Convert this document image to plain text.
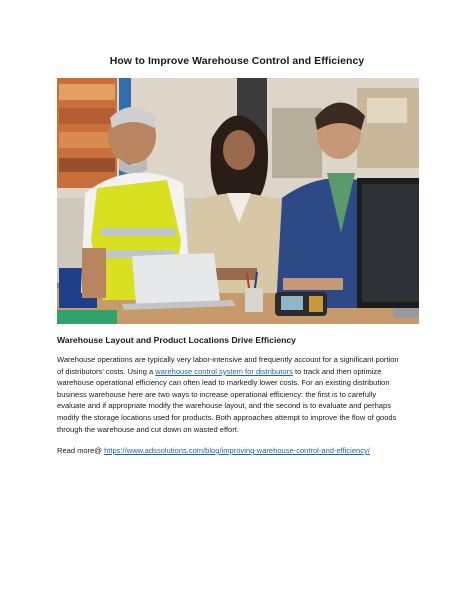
How to Improve Warehouse Control and Efficiency
Warehouse Layout and Product Locations Drive Efficiency

Warehouse operations are typically very labor-intensive and frequently account for a significant portion

of distributors’ costs. Using a warehouse control system for distributors to track and then optimize

warehouse operational efficiency can often lead to markedly lower costs. For an existing distribution

business warehouse here are two ways to increase operational efficiency: the first is to carefully

evaluate and if appropriate modify the warehouse layout, and the second is to evaluate and perhaps

modify the storage locations used for products. Both approaches attempt to improve the flow of goods

through the warehouse and cut down on wasted effort.

Read more@ https://www.adssolutions.com/blog/improving-warehouse-control-and-efficiency/
